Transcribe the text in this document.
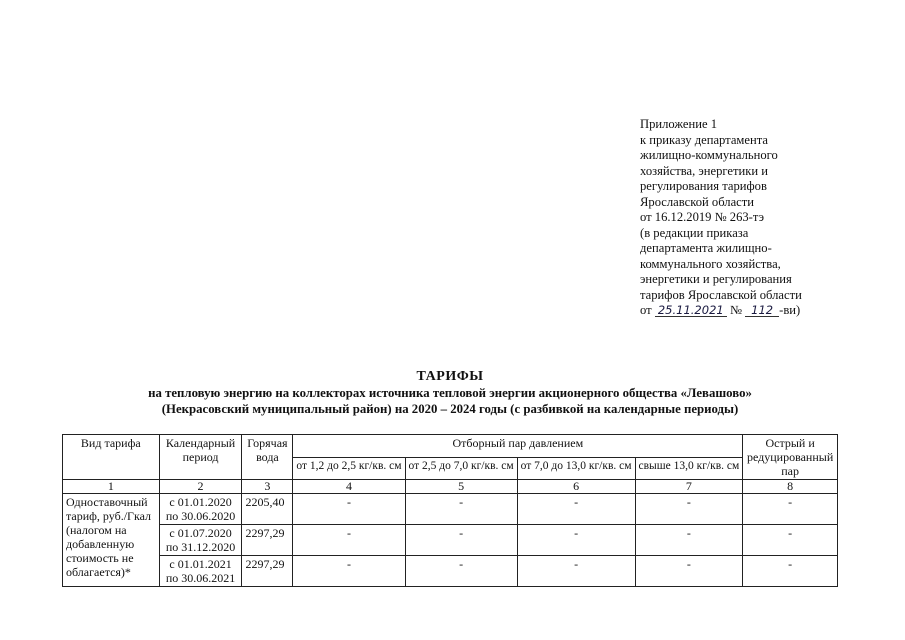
Приложение 1
к приказу департамента
жилищно-коммунального
хозяйства, энергетики и
регулирования тарифов
Ярославской области
от 16.12.2019 № 263-тэ
(в редакции приказа
департамента жилищно-
коммунального хозяйства,
энергетики и регулирования
тарифов Ярославской области
от 25.11.2021 № 112 -ви)
ТАРИФЫ
на тепловую энергию на коллекторах источника тепловой энергии акционерного общества «Левашово»
(Некрасовский муниципальный район) на 2020 – 2024 годы (с разбивкой на календарные периоды)
Вид тарифа	Календарный период	Горячая вода	Отборный пар давлением				Острый и редуцированный пар
			от 1,2 до 2,5 кг/кв. см	от 2,5 до 7,0 кг/кв. см	от 7,0 до 13,0 кг/кв. см	свыше 13,0 кг/кв. см	
1	2	3	4	5	6	7	8
Одноставочный тариф, руб./Гкал (налогом на добавленную стоимость не облагается)*	с 01.01.2020 по 30.06.2020	2205,40	-	-	-	-	-
	с 01.07.2020 по 31.12.2020	2297,29	-	-	-	-	-
	с 01.01.2021 по 30.06.2021	2297,29	-	-	-	-	-
